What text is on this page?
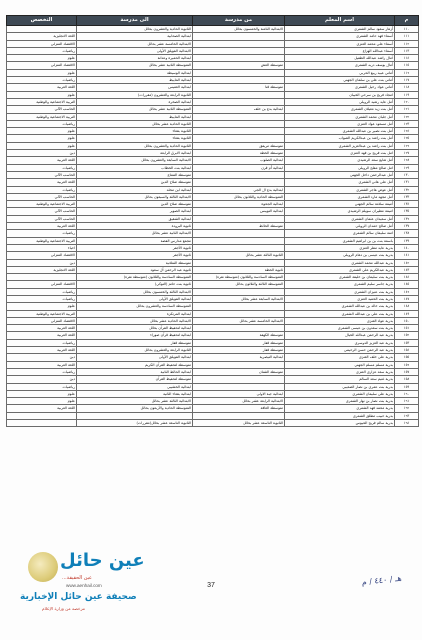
م	اسم المعلم	من مدرسة	الى مدرسة	التخصص
١١٠	أزهار سعود سالم الشمري	الابتدائية الثامنة والخمسون بحائل	الثانوية الحادية والعشرون بحائل	
١١١	أسماء فهد حامد الشمري		ابتدائية الصحابية	اللغة الانجليزية
١١٢	أسماء علي محمد العنزي		الابتدائية الخامسة عشر بحائل	الاقتصاد المنزلي
١١٣	أسماء عبدالله الهزاع		الابتدائية الفويلق الأولى	رياضيات
١١٤	آمال راشد عبدالله الطفيل		ابتدائية الحميرة وعدانة	علوم
١١٥	أمال يوسف دربه الشمري	متوسطة العش	المتوسطة الثانية عشر بحائل	الاقتصاد المنزلي
١١٦	أماني عبيد ربيع الحربي		ابتدائية الوسيطة	علوم
١١٧	أماني بنت علي بن سلمان الجهني		ابتدائية المابيط	رياضيات
١١٨	أماني عواد رحيل الشمري	متوسطة قنا	ابتدائية الغميس	اللغة العربية
١١٩	امجاد فريح بن سرحي الخيبان		الثانوية الرابعة والعشرون (مقررات)	علوم
١٢٠	أمل عايد رشيد الرويلي		ابتدائية الصخرة	التربية الاجتماعية والوطنية
١٢١	أمل بنت زيد معيلان الشمري	ابتدائية بدع بن خلف	المتوسطة الثانية عشر بحائل	الحاسب الآلي
١٢٢	أمل جلبان محمد الشمري		ابتدائية المابيط	التربية الاجتماعية والوطنية
١٢٣	أمل مسعود عواد العنزي		الثانوية الحادية عشر بحائل	رياضيات
١٢٤	أمل بنت نصير بن عبدالله الشمري		الثانوية بقعاء	علوم
١٢٥	أمل بنت راشد بن عبدالكريم الصواب		الثانوية بقعاء	علوم
١٢٦	أمل بنت راشد بن عبدالعزيز الشمري	متوسطة مريفق	الثانوية الحادية والعشرون بحائل	علوم
١٢٧	امل بنت فريج بن فهد العنزي	متوسطة الخطة	ابتدائية الابرق الرابعة	دين
١٢٨	أمل شايع سعد الرشيدي	ابتدائية الصلوب	الابتدائية السابعة والعشرون بحائل	اللغة العربية
١٢٩	امل صالح مفلح الرويلي	ابتدائية أم قرن	ابتدائية بنت الخطاب	رياضيات
١٣٠	أمل عبدالرحمن داخل الجهني		متوسطة التمتاع	الحاسب الآلي
١٣١	أمل علي هاني الشمري		متوسطة صلاح الدين	اللغة العربية
١٣٢	أمل عوض هاجر الشمري	ابتدائية بدع ال الجي	ابتدائية ابن مخلد	رياضيات
١٣٣	أمل مجهد مارد الشمري	المتوسطة الحادية والثلاثون بحائل	الابتدائية الثالثة والسبعون بحائل	الحاسب الآلي
١٣٤	أميمة سلامة سالم الجهني	ابتدائية الجحوة	متوسطة صلاح الدين	التربية الاجتماعية والوطنية
١٣٥	اميمة مطيران سويلم الرشيدي	ابتدائية التويبس	ابتدائية الصوير	الحاسب الآلي
١٣٦	أمل سعيدان عثمان الشمري		ابتدائية الشقيق	الحاسب الآلي
١٣٧	أمل صالح حمدان الرويلي	متوسطة الحائط	ثانوية البرودة	اللغة العربية
١٣٨	امنة سليمان سالم الشمري		الابتدائية الثانية عشر بحائل	رياضيات
١٣٩	باسمة بنت بن بن ابراهيم الشمري		مجمع مدارس الفضة	التربية الاجتماعية والوطنية
١٤٠	بدرية عايد مطر العنزي		ثانوية الأجفر	احياء
١٤١	بدرية بنت عيسى بن دهام الرويلي	الثانوية الثالثة عشر بحائل	ثانوية الأجفر	الاقتصاد المنزلي
١٤٢	بدرية عبدالله محمد الشمري		متوسطة الثملاتية	دين
١٤٣	بدرية عبدالكريم علي الشمري	ثانوية الخطة	ثانوية عبد الرحمن آل سعود	اللغة الانجليزية
١٤٤	بدرية بنت سليمان بن خليفة الشمري	المتوسطة السادسة والثلاثون (متوسطة نقرة)	المتوسطة السادسة والثلاثون (متوسطة نقرة)	
١٤٥	بدرية جاسر سليم الشمري	المتوسطة الثالثة والثلاثون بحائل	ثانوية بنت حاتم (التوكي)	الاقتصاد المنزلي
١٤٦	بدرية بنت عنيزان الشمري		الابتدائية الثالثة والخمسون بحائل	رياضيات
١٤٧	بدرية بنت الحميد العنزي	الابتدائية السابعة عشر بحائل	ابتدائية الفويلق الأولى	رياضيات
١٤٨	بدرية بنت خالد بن عبدالله الشمري		المتوسطة السادسة والعشرون بحائل	علوم
١٤٩	بدرية بنت علي بن عبدالله الشمري		ابتدائية المرتكزة	التربية الاجتماعية والوطنية
١٥٠	بدرية عواد العنزي	الابتدائية الخامسة عشر بحائل	الابتدائية الحادية عشر بحائل	الاقتصاد المنزلي
١٥١	بدرية بنت سعدون بن عيسى الشمري		ابتدائية لتحفيظ القرآن بحائل	اللغة العربية
١٥٢	بدرية عبد الرحمن عبدالله الخيال	متوسطة الكهفة	ابتدائية لتحفيظ قرآن صوراء	اللغة العربية
١٥٣	بدرية عبد العزيز الدوسري	متوسطة قفار	متوسطة قفار	رياضيات
١٥٤	بدرية عبد الرحمن حسن الرحيمي	متوسطة قفار	الثانوية الرابعة والعشرون بحائل	اللغة العربية
١٥٥	بدرية علي خلف العنزي	ابتدائية التيصرية	ابتدائية الفويلق الأولى	دين
١٥٦	بدرية مسلم مسلم الجهني		متوسطة لتحفيظ القرآن الكريم	اللغة العربية
١٥٧	بدرية سعد عزاري العنزي	متوسطة الشنان	ابتدائية الحائط الثانية	رياضيات
١٥٨	بدرية غنيم سعد السالم		متوسطة لتحفيظ القرآن	دين
١٥٩	بدرية بنت عمري بن نصار الصعيبي		ابتدائية الخشيبي	رياضيات
١٦٠	بدرية علي سليمان الشمري	ابتدائية جبة الاولى	ابتدائية بقعاء الثانية	علوم
١٦١	بدرية بنت نصار بن نهار الشمري	الابتدائية الرابعة عشر بحائل	الابتدائية الثالثة عشر بحائل	علوم
١٦٢	بدرية محمد فهد الشمري	متوسطة الغافة	المتوسطة الحادية والأربعون بحائل	اللغة العربية
١٦٣	بدرية حبيب مطلق الشمري			
١٦٤	بدرية سالم فريح الحيوس	الثانوية التاسعة عشر بحائل	الثانوية التاسعة عشر بحائل(مقررات)	
37	هـ / ٤٤٠ / م
عين حائل
عين الحقيقة...
www.aenhail.com
صحيفة عين حائل الإخبارية
مرخصة من وزارة الإعلام
